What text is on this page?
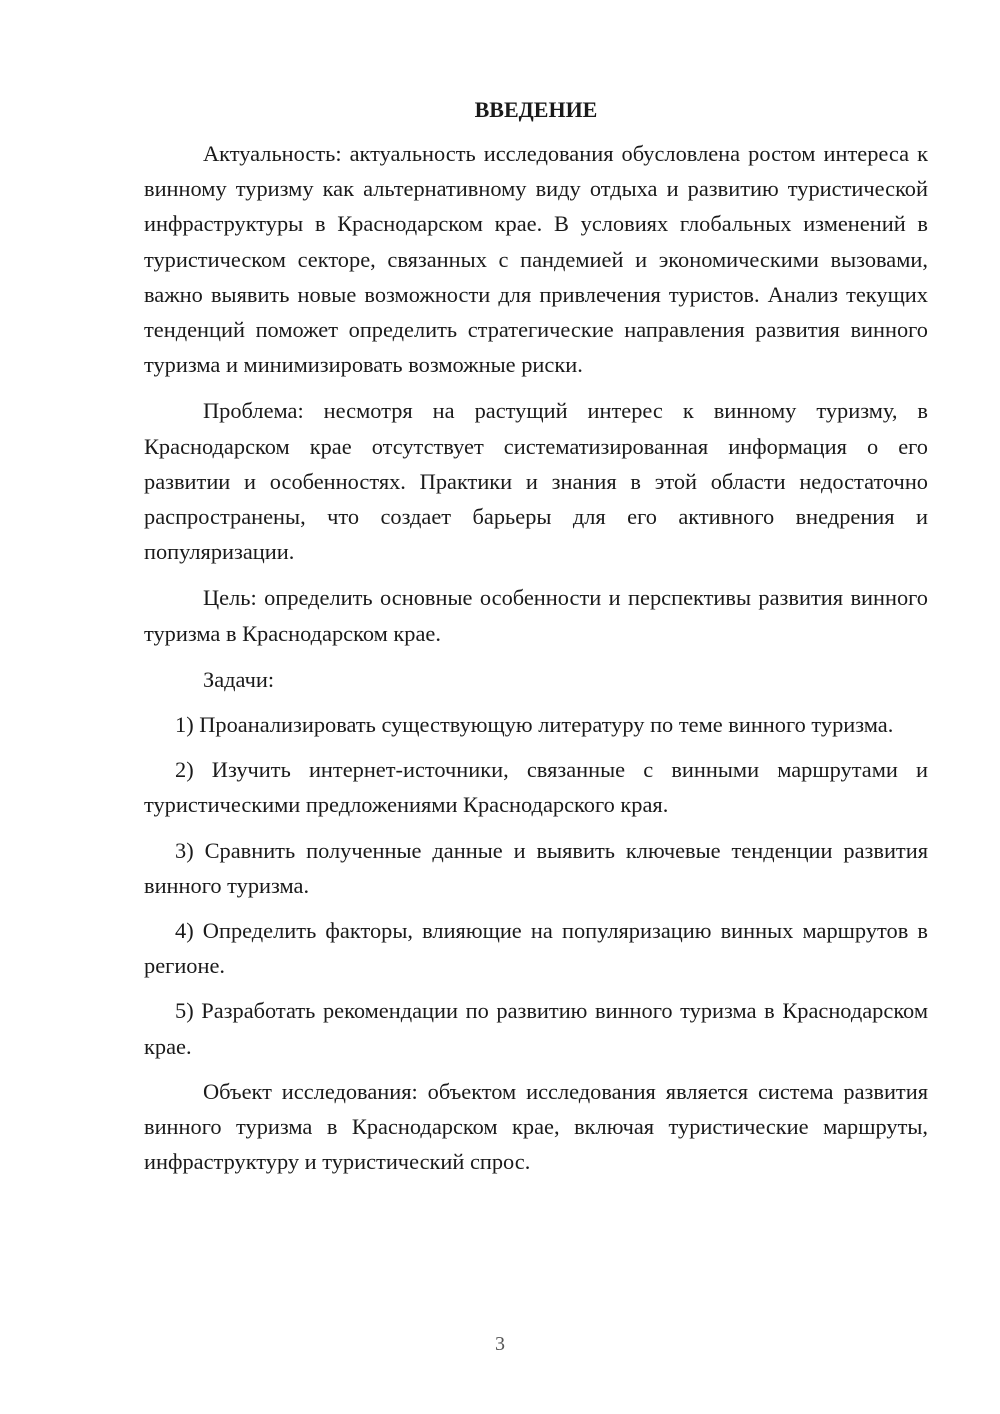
ВВЕДЕНИЕ

Актуальность: актуальность исследования обусловлена ростом интереса к винному туризму как альтернативному виду отдыха и развитию туристической инфраструктуры в Краснодарском крае. В условиях глобальных изменений в туристическом секторе, связанных с пандемией и экономическими вызовами, важно выявить новые возможности для привлечения туристов. Анализ текущих тенденций поможет определить стратегические направления развития винного туризма и минимизировать возможные риски.

Проблема: несмотря на растущий интерес к винному туризму, в Краснодарском крае отсутствует систематизированная информация о его развитии и особенностях. Практики и знания в этой области недостаточно распространены, что создает барьеры для его активного внедрения и популяризации.

Цель: определить основные особенности и перспективы развития винного туризма в Краснодарском крае.

Задачи:

1) Проанализировать существующую литературу по теме винного туризма.

2) Изучить интернет-источники, связанные с винными маршрутами и туристическими предложениями Краснодарского края.

3) Сравнить полученные данные и выявить ключевые тенденции развития винного туризма.

4) Определить факторы, влияющие на популяризацию винных маршрутов в регионе.

5) Разработать рекомендации по развитию винного туризма в Краснодарском крае.

Объект исследования: объектом исследования является система развития винного туризма в Краснодарском крае, включая туристические маршруты, инфраструктуру и туристический спрос.

3
